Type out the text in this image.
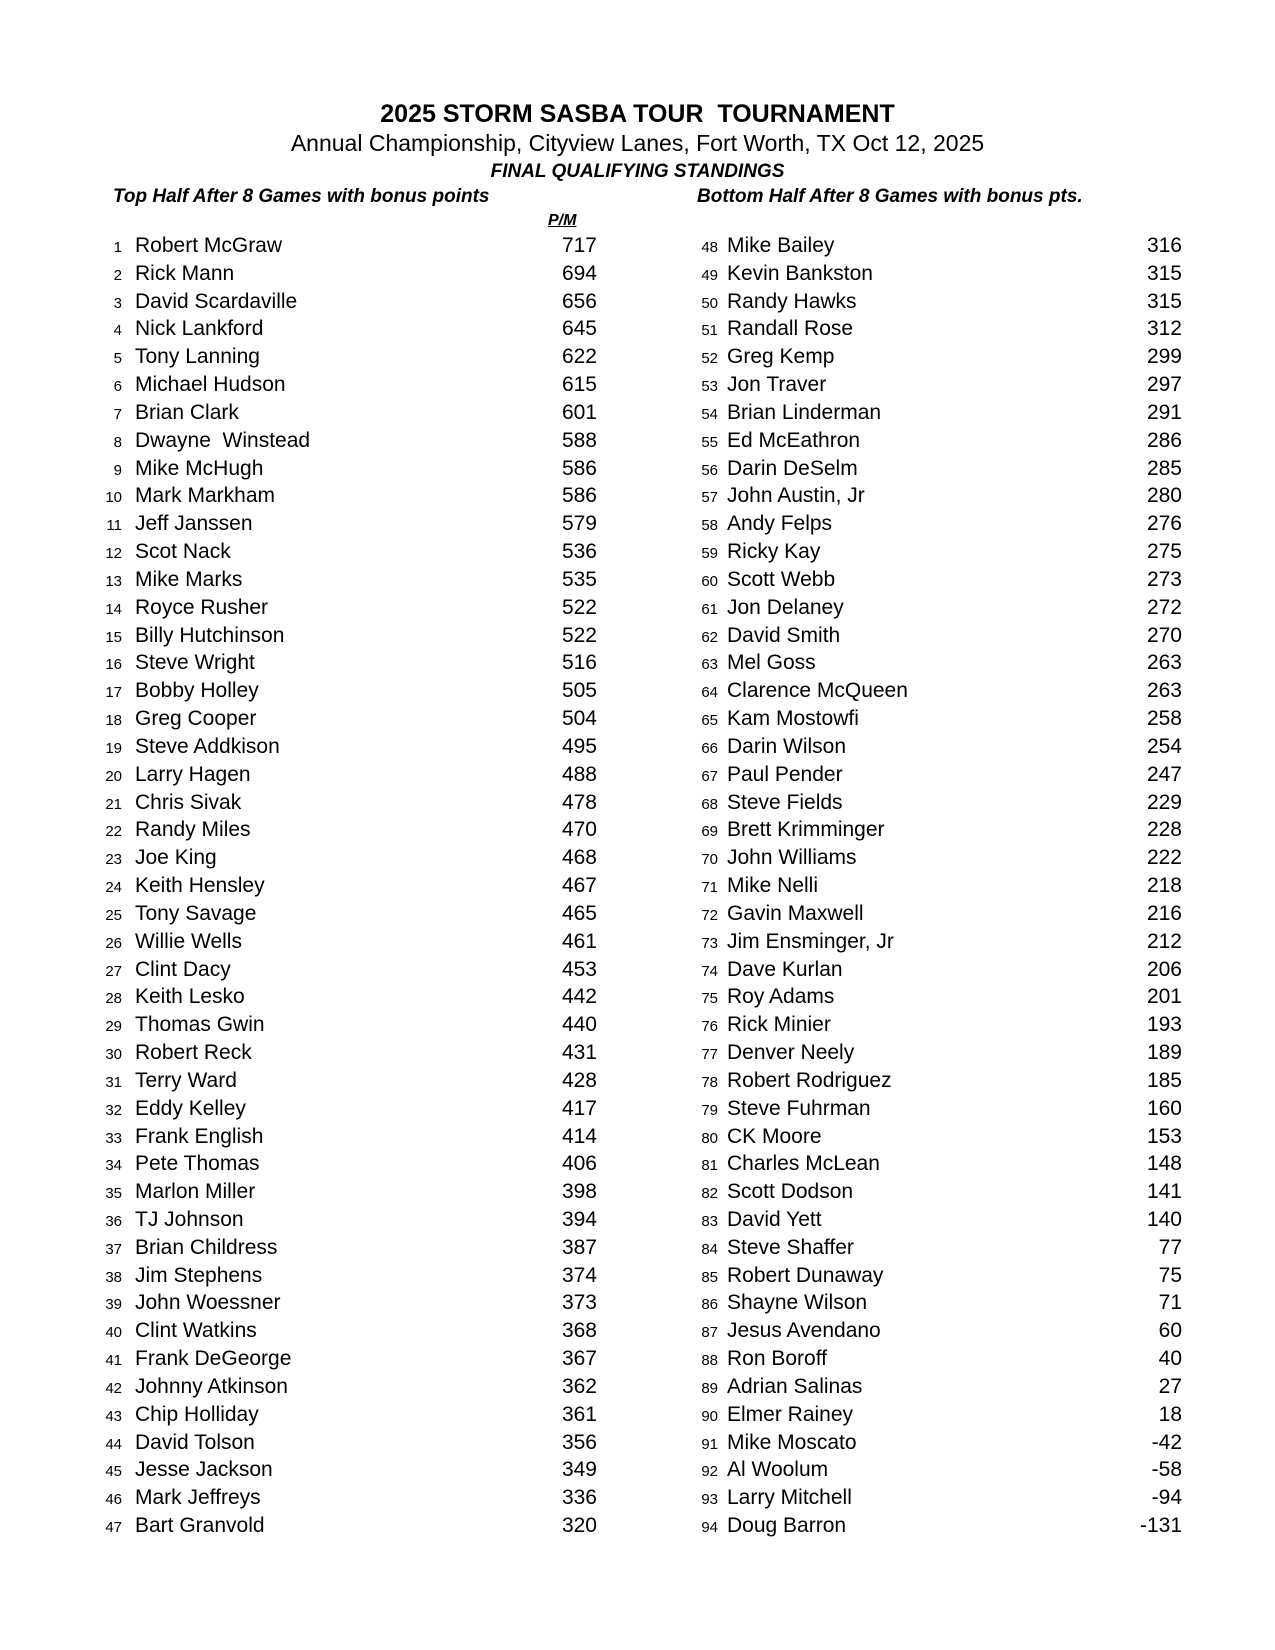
2025 STORM SASBA TOUR  TOURNAMENT
Annual Championship, Cityview Lanes, Fort Worth, TX Oct 12, 2025
FINAL QUALIFYING STANDINGS
Top Half After 8 Games with bonus points	Bottom Half After 8 Games with bonus pts.
P/M
1 Robert McGraw	717
2 Rick Mann	694
3 David Scardaville	656
4 Nick Lankford	645
5 Tony Lanning	622
6 Michael Hudson	615
7 Brian Clark	601
8 Dwayne  Winstead	588
9 Mike McHugh	586
10 Mark Markham	586
11 Jeff Janssen	579
12 Scot Nack	536
13 Mike Marks	535
14 Royce Rusher	522
15 Billy Hutchinson	522
16 Steve Wright	516
17 Bobby Holley	505
18 Greg Cooper	504
19 Steve Addkison	495
20 Larry Hagen	488
21 Chris Sivak	478
22 Randy Miles	470
23 Joe King	468
24 Keith Hensley	467
25 Tony Savage	465
26 Willie Wells	461
27 Clint Dacy	453
28 Keith Lesko	442
29 Thomas Gwin	440
30 Robert Reck	431
31 Terry Ward	428
32 Eddy Kelley	417
33 Frank English	414
34 Pete Thomas	406
35 Marlon Miller	398
36 TJ Johnson	394
37 Brian Childress	387
38 Jim Stephens	374
39 John Woessner	373
40 Clint Watkins	368
41 Frank DeGeorge	367
42 Johnny Atkinson	362
43 Chip Holliday	361
44 David Tolson	356
45 Jesse Jackson	349
46 Mark Jeffreys	336
47 Bart Granvold	320
48 Mike Bailey	316
49 Kevin Bankston	315
50 Randy Hawks	315
51 Randall Rose	312
52 Greg Kemp	299
53 Jon Traver	297
54 Brian Linderman	291
55 Ed McEathron	286
56 Darin DeSelm	285
57 John Austin, Jr	280
58 Andy Felps	276
59 Ricky Kay	275
60 Scott Webb	273
61 Jon Delaney	272
62 David Smith	270
63 Mel Goss	263
64 Clarence McQueen	263
65 Kam Mostowfi	258
66 Darin Wilson	254
67 Paul Pender	247
68 Steve Fields	229
69 Brett Krimminger	228
70 John Williams	222
71 Mike Nelli	218
72 Gavin Maxwell	216
73 Jim Ensminger, Jr	212
74 Dave Kurlan	206
75 Roy Adams	201
76 Rick Minier	193
77 Denver Neely	189
78 Robert Rodriguez	185
79 Steve Fuhrman	160
80 CK Moore	153
81 Charles McLean	148
82 Scott Dodson	141
83 David Yett	140
84 Steve Shaffer	77
85 Robert Dunaway	75
86 Shayne Wilson	71
87 Jesus Avendano	60
88 Ron Boroff	40
89 Adrian Salinas	27
90 Elmer Rainey	18
91 Mike Moscato	-42
92 Al Woolum	-58
93 Larry Mitchell	-94
94 Doug Barron	-131
